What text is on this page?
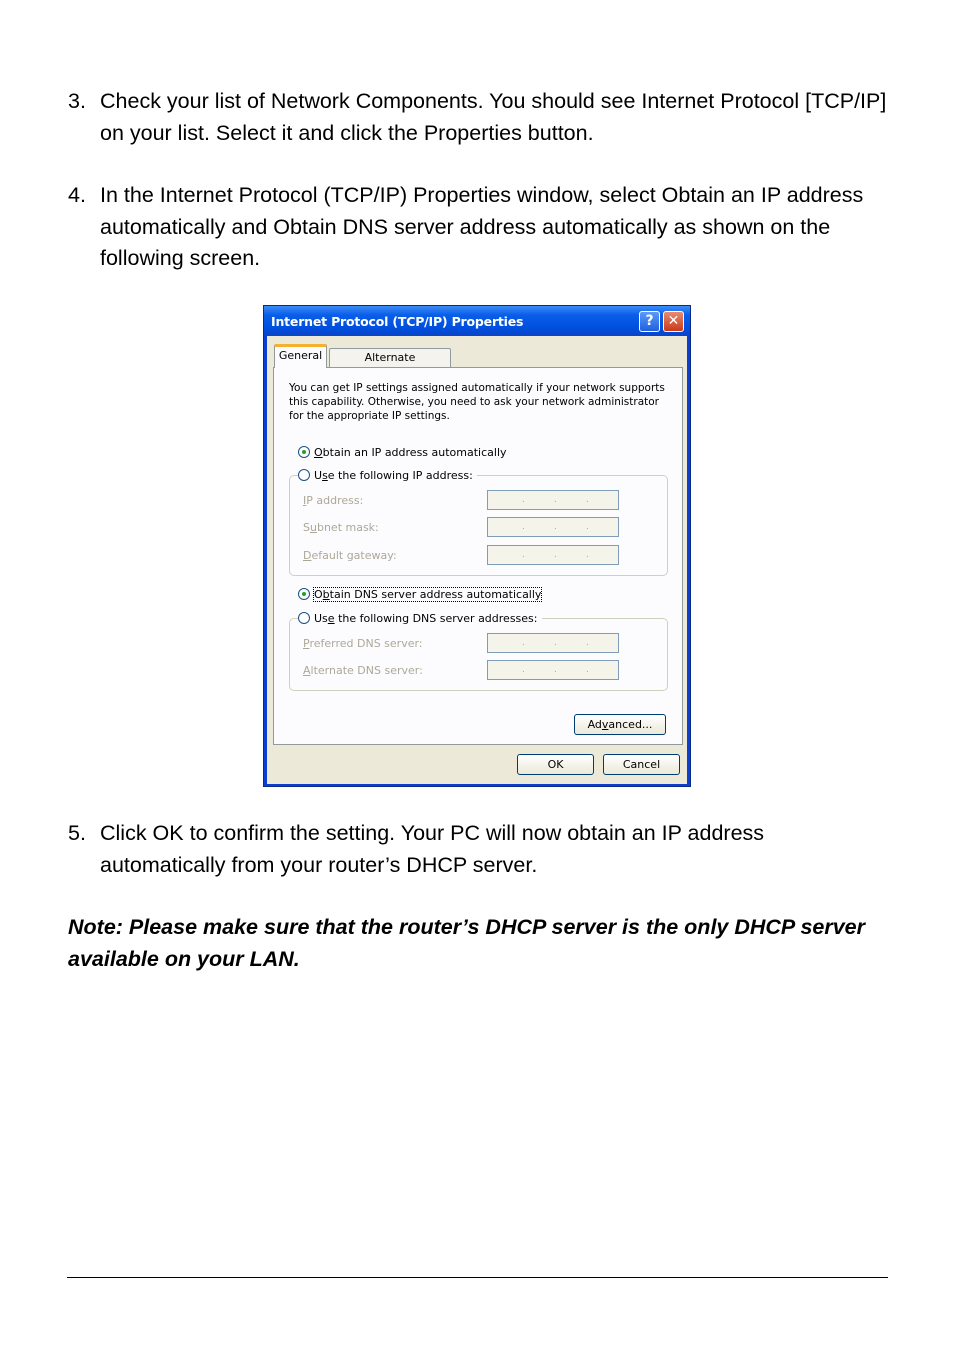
3. Check your list of Network Components. You should see Internet Protocol [TCP/IP] on your list. Select it and click the Properties button.
4. In the Internet Protocol (TCP/IP) Properties window, select Obtain an IP address automatically and Obtain DNS server address automatically as shown on the following screen.
Internet Protocol (TCP/IP) Properties	?	✕
General	Alternate
You can get IP settings assigned automatically if your network supports this capability. Otherwise, you need to ask your network administrator for the appropriate IP settings.
Obtain an IP address automatically
Use the following IP address:
IP address:	.	.	.
Subnet mask:	.	.	.
Default gateway:	.	.	.
Obtain DNS server address automatically
Use the following DNS server addresses:
Preferred DNS server:	.	.	.
Alternate DNS server:	.	.	.
Advanced...
OK	Cancel
5. Click OK to confirm the setting. Your PC will now obtain an IP address automatically from your router’s DHCP server.
Note: Please make sure that the router’s DHCP server is the only DHCP server available on your LAN.
